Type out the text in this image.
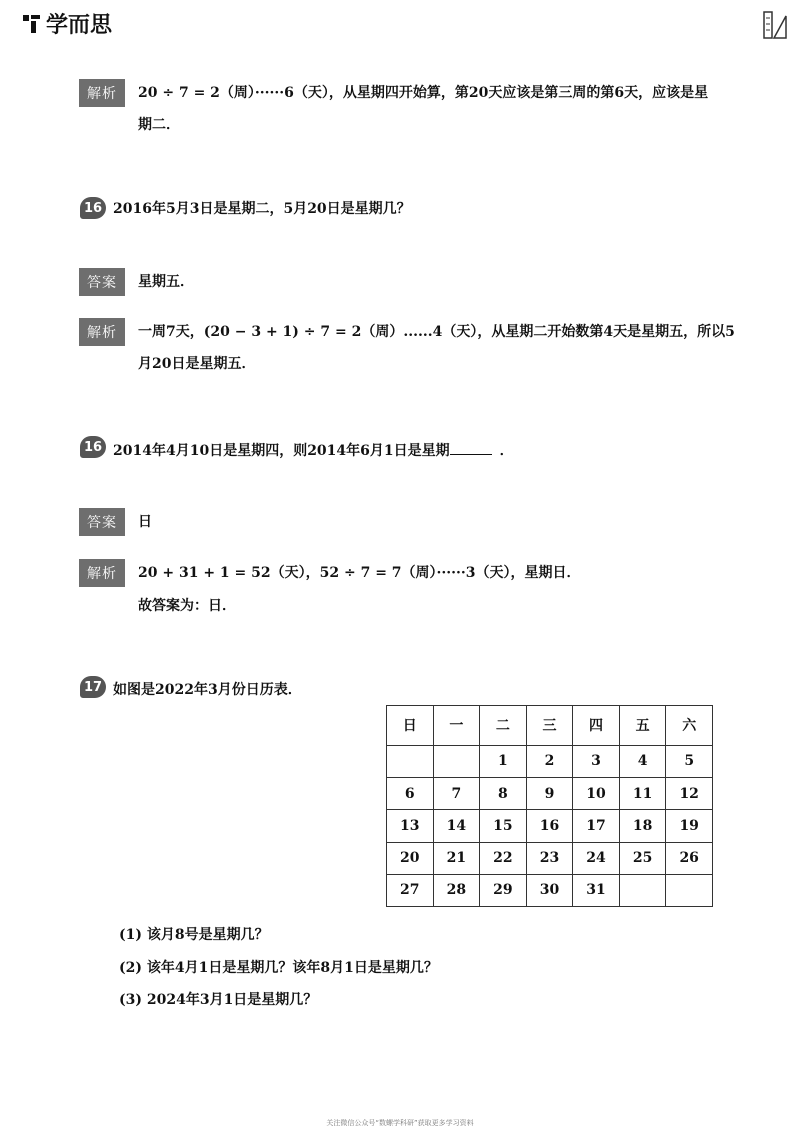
学而思
解析	20 ÷ 7 = 2（周）······6（天），从星期四开始算，第20天应该是第三周的第6天，应该是星
期二．
16 2016年5月3日是星期二，5月20日是星期几？
答案	星期五．
解析	一周7天，(20 − 3 + 1) ÷ 7 = 2（周）......4（天），从星期二开始数第4天是星期五，所以5
月20日是星期五．
16 2014年4月10日是星期四，则2014年6月1日是星期	．
答案	日
解析	20 + 31 + 1 = 52（天），52 ÷ 7 = 7（周）······3（天），星期日．
故答案为：日．
17 如图是2022年3月份日历表．
日	一	二	三	四	五	六
		1	2	3	4	5
6	7	8	9	10	11	12
13	14	15	16	17	18	19
20	21	22	23	24	25	26
27	28	29	30	31		
(1) 该月8号是星期几？
(2) 该年4月1日是星期几？该年8月1日是星期几？
(3) 2024年3月1日是星期几？
关注微信公众号“数螺学科研”获取更多学习资料
